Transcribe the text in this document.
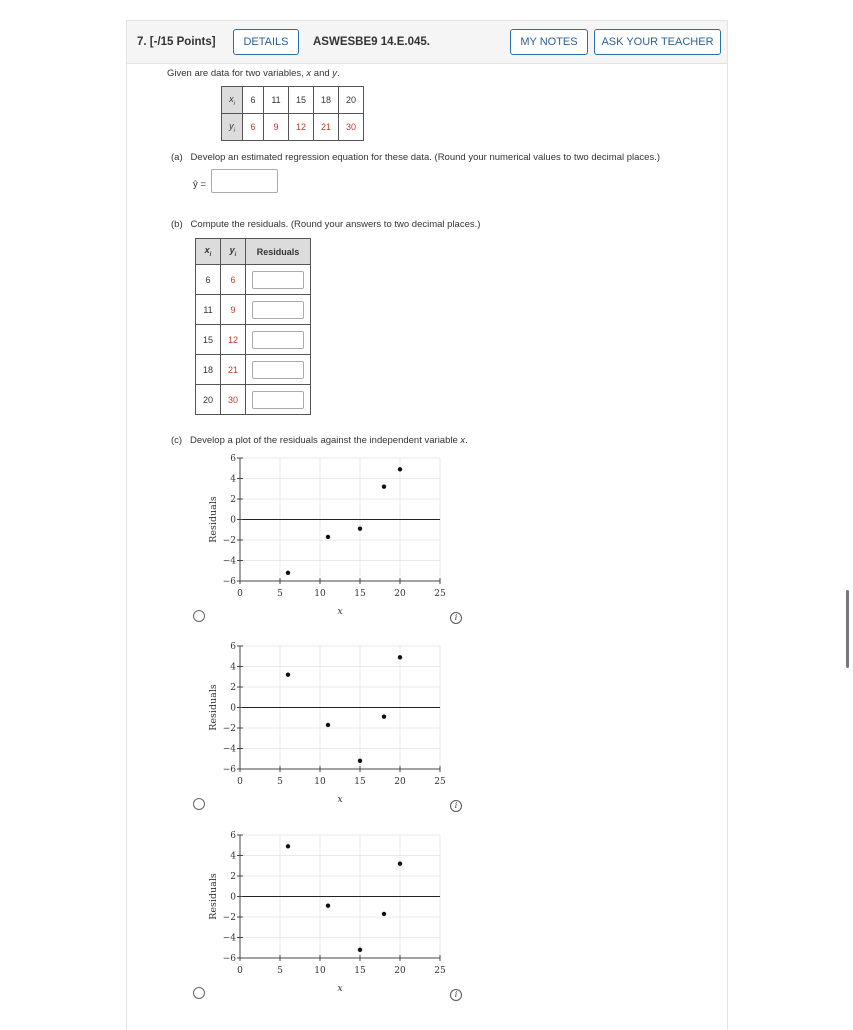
7. [-/15 Points]	DETAILS	ASWESBE9 14.E.045.	MY NOTES	ASK YOUR TEACHER
Given are data for two variables, x and y.
$x_i$	6	11	15	18	20
$y_i$	6	9	12	21	30
(a) Develop an estimated regression equation for these data. (Round your numerical values to two decimal places.)
ŷ =
(b) Compute the residuals. (Round your answers to two decimal places.)
$x_i$	$y_i$	Residuals
6	6	
11	9	
15	12	
18	21	
20	30	
(c) Develop a plot of the residuals against the independent variable x.
6
4
2
0
−2
−4
−6
0	5	10	15	20	25
x
Residuals
i
6
4
2
0
−2
−4
−6
0	5	10	15	20	25
x
Residuals
i
6
4
2
0
−2
−4
−6
0	5	10	15	20	25
x
Residuals
i
